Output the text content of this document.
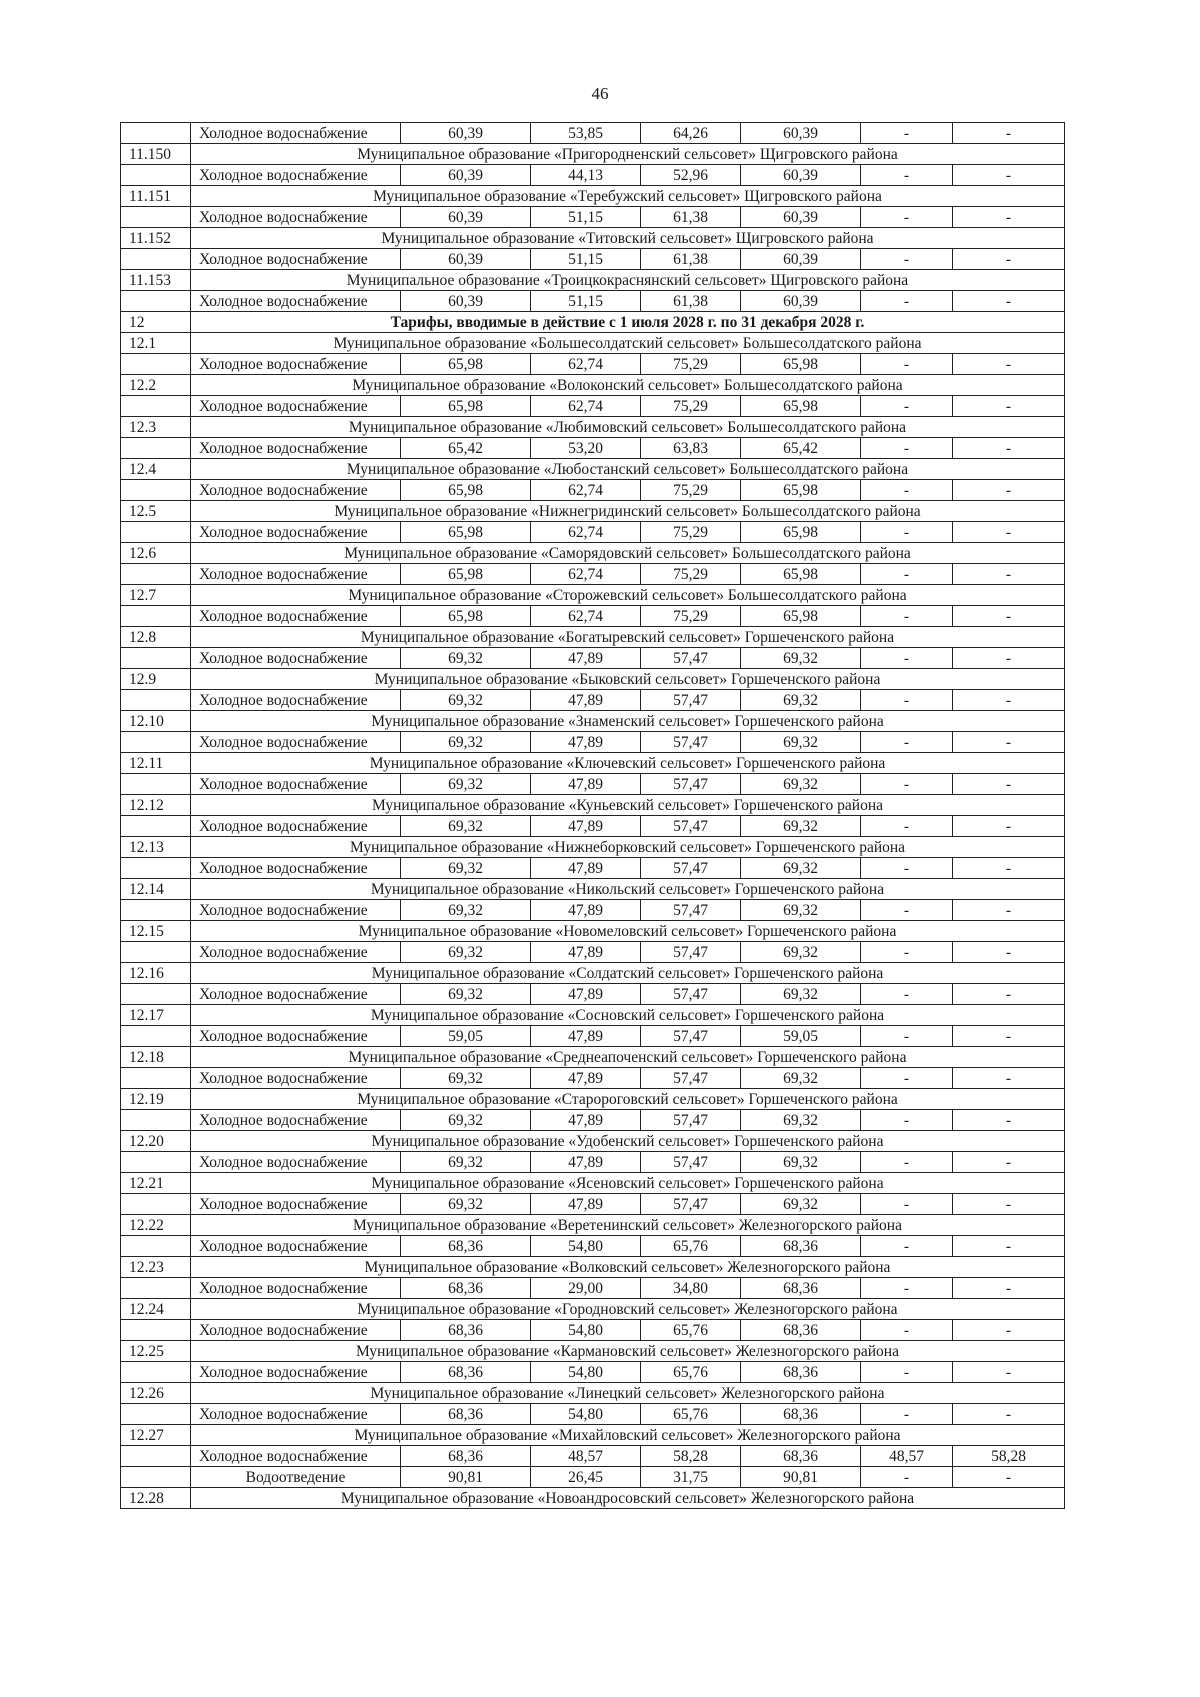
46
	Холодное водоснабжение	60,39	53,85	64,26	60,39	-	-
11.150	Муниципальное образование «Пригородненский сельсовет» Щигровского района						
	Холодное водоснабжение	60,39	44,13	52,96	60,39	-	-
11.151	Муниципальное образование «Теребужский сельсовет» Щигровского района						
	Холодное водоснабжение	60,39	51,15	61,38	60,39	-	-
11.152	Муниципальное образование «Титовский сельсовет» Щигровского района						
	Холодное водоснабжение	60,39	51,15	61,38	60,39	-	-
11.153	Муниципальное образование «Троицкокраснянский сельсовет» Щигровского района						
	Холодное водоснабжение	60,39	51,15	61,38	60,39	-	-
12	Тарифы, вводимые в действие с 1 июля 2028 г. по 31 декабря 2028 г.						
12.1	Муниципальное образование «Большесолдатский сельсовет» Большесолдатского района						
	Холодное водоснабжение	65,98	62,74	75,29	65,98	-	-
12.2	Муниципальное образование «Волоконский сельсовет» Большесолдатского района						
	Холодное водоснабжение	65,98	62,74	75,29	65,98	-	-
12.3	Муниципальное образование «Любимовский сельсовет» Большесолдатского района						
	Холодное водоснабжение	65,42	53,20	63,83	65,42	-	-
12.4	Муниципальное образование «Любостанский сельсовет» Большесолдатского района						
	Холодное водоснабжение	65,98	62,74	75,29	65,98	-	-
12.5	Муниципальное образование «Нижнегридинский сельсовет» Большесолдатского района						
	Холодное водоснабжение	65,98	62,74	75,29	65,98	-	-
12.6	Муниципальное образование «Саморядовский сельсовет» Большесолдатского района						
	Холодное водоснабжение	65,98	62,74	75,29	65,98	-	-
12.7	Муниципальное образование «Сторожевский сельсовет» Большесолдатского района						
	Холодное водоснабжение	65,98	62,74	75,29	65,98	-	-
12.8	Муниципальное образование «Богатыревский сельсовет» Горшеченского района						
	Холодное водоснабжение	69,32	47,89	57,47	69,32	-	-
12.9	Муниципальное образование «Быковский сельсовет» Горшеченского района						
	Холодное водоснабжение	69,32	47,89	57,47	69,32	-	-
12.10	Муниципальное образование «Знаменский сельсовет» Горшеченского района						
	Холодное водоснабжение	69,32	47,89	57,47	69,32	-	-
12.11	Муниципальное образование «Ключевский сельсовет» Горшеченского района						
	Холодное водоснабжение	69,32	47,89	57,47	69,32	-	-
12.12	Муниципальное образование «Куньевский сельсовет» Горшеченского района						
	Холодное водоснабжение	69,32	47,89	57,47	69,32	-	-
12.13	Муниципальное образование «Нижнеборковский сельсовет» Горшеченского района						
	Холодное водоснабжение	69,32	47,89	57,47	69,32	-	-
12.14	Муниципальное образование «Никольский сельсовет» Горшеченского района						
	Холодное водоснабжение	69,32	47,89	57,47	69,32	-	-
12.15	Муниципальное образование «Новомеловский сельсовет» Горшеченского района						
	Холодное водоснабжение	69,32	47,89	57,47	69,32	-	-
12.16	Муниципальное образование «Солдатский сельсовет» Горшеченского района						
	Холодное водоснабжение	69,32	47,89	57,47	69,32	-	-
12.17	Муниципальное образование «Сосновский сельсовет» Горшеченского района						
	Холодное водоснабжение	59,05	47,89	57,47	59,05	-	-
12.18	Муниципальное образование «Среднеапоченский сельсовет» Горшеченского района						
	Холодное водоснабжение	69,32	47,89	57,47	69,32	-	-
12.19	Муниципальное образование «Старороговский сельсовет» Горшеченского района						
	Холодное водоснабжение	69,32	47,89	57,47	69,32	-	-
12.20	Муниципальное образование «Удобенский сельсовет» Горшеченского района						
	Холодное водоснабжение	69,32	47,89	57,47	69,32	-	-
12.21	Муниципальное образование «Ясеновский сельсовет» Горшеченского района						
	Холодное водоснабжение	69,32	47,89	57,47	69,32	-	-
12.22	Муниципальное образование «Веретенинский сельсовет» Железногорского района						
	Холодное водоснабжение	68,36	54,80	65,76	68,36	-	-
12.23	Муниципальное образование «Волковский сельсовет» Железногорского района						
	Холодное водоснабжение	68,36	29,00	34,80	68,36	-	-
12.24	Муниципальное образование «Городновский сельсовет» Железногорского района						
	Холодное водоснабжение	68,36	54,80	65,76	68,36	-	-
12.25	Муниципальное образование «Кармановский сельсовет» Железногорского района						
	Холодное водоснабжение	68,36	54,80	65,76	68,36	-	-
12.26	Муниципальное образование «Линецкий сельсовет» Железногорского района						
	Холодное водоснабжение	68,36	54,80	65,76	68,36	-	-
12.27	Муниципальное образование «Михайловский сельсовет» Железногорского района						
	Холодное водоснабжение	68,36	48,57	58,28	68,36	48,57	58,28
	Водоотведение	90,81	26,45	31,75	90,81	-	-
12.28	Муниципальное образование «Новоандросовский сельсовет» Железногорского района						
